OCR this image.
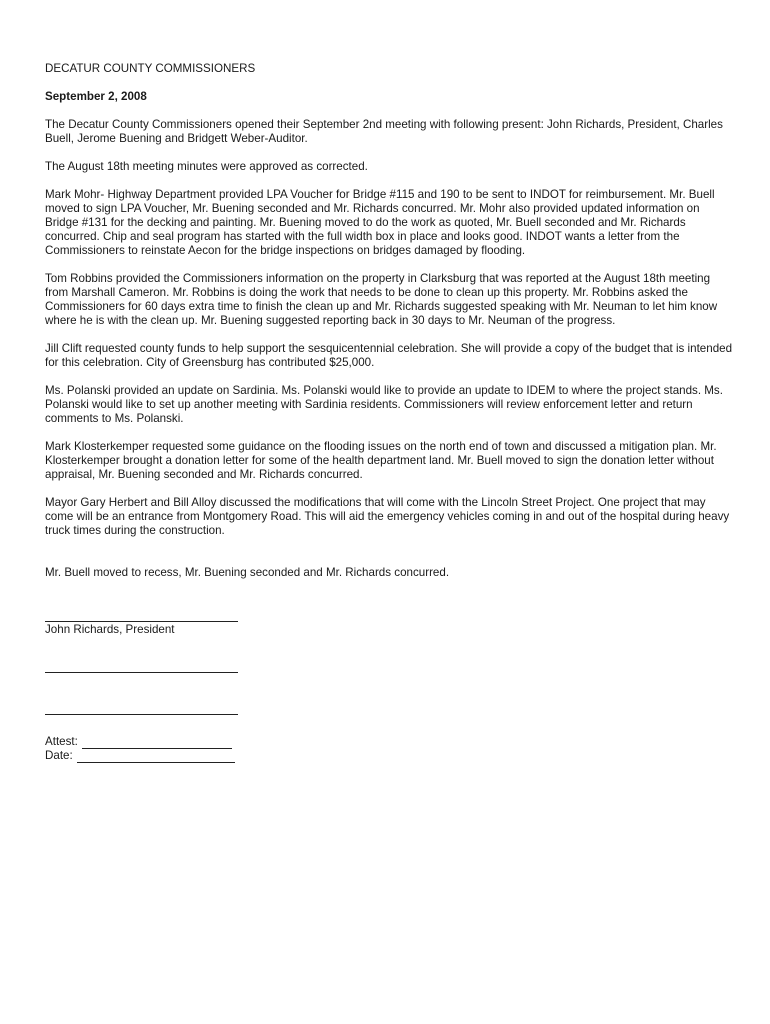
DECATUR COUNTY COMMISSIONERS

September 2, 2008

The Decatur County Commissioners opened their September 2nd meeting with following present: John Richards, President, Charles Buell, Jerome Buening and Bridgett Weber-Auditor.

The August 18th meeting minutes were approved as corrected.

Mark Mohr- Highway Department provided LPA Voucher for Bridge #115 and 190 to be sent to INDOT for reimbursement. Mr. Buell moved to sign LPA Voucher, Mr. Buening seconded and Mr. Richards concurred. Mr. Mohr also provided updated information on Bridge #131 for the decking and painting. Mr. Buening moved to do the work as quoted, Mr. Buell seconded and Mr. Richards concurred. Chip and seal program has started with the full width box in place and looks good. INDOT wants a letter from the Commissioners to reinstate Aecon for the bridge inspections on bridges damaged by flooding.

Tom Robbins provided the Commissioners information on the property in Clarksburg that was reported at the August 18th meeting from Marshall Cameron. Mr. Robbins is doing the work that needs to be done to clean up this property. Mr. Robbins asked the Commissioners for 60 days extra time to finish the clean up and Mr. Richards suggested speaking with Mr. Neuman to let him know where he is with the clean up. Mr. Buening suggested reporting back in 30 days to Mr. Neuman of the progress.

Jill Clift requested county funds to help support the sesquicentennial celebration. She will provide a copy of the budget that is intended for this celebration. City of Greensburg has contributed $25,000.

Ms. Polanski provided an update on Sardinia. Ms. Polanski would like to provide an update to IDEM to where the project stands. Ms. Polanski would like to set up another meeting with Sardinia residents. Commissioners will review enforcement letter and return comments to Ms. Polanski.

Mark Klosterkemper requested some guidance on the flooding issues on the north end of town and discussed a mitigation plan. Mr. Klosterkemper brought a donation letter for some of the health department land. Mr. Buell moved to sign the donation letter without appraisal, Mr. Buening seconded and Mr. Richards concurred.

Mayor Gary Herbert and Bill Alloy discussed the modifications that will come with the Lincoln Street Project. One project that may come will be an entrance from Montgomery Road. This will aid the emergency vehicles coming in and out of the hospital during heavy truck times during the construction.

Mr. Buell moved to recess, Mr. Buening seconded and Mr. Richards concurred.

John Richards, President

Attest:
Date:
